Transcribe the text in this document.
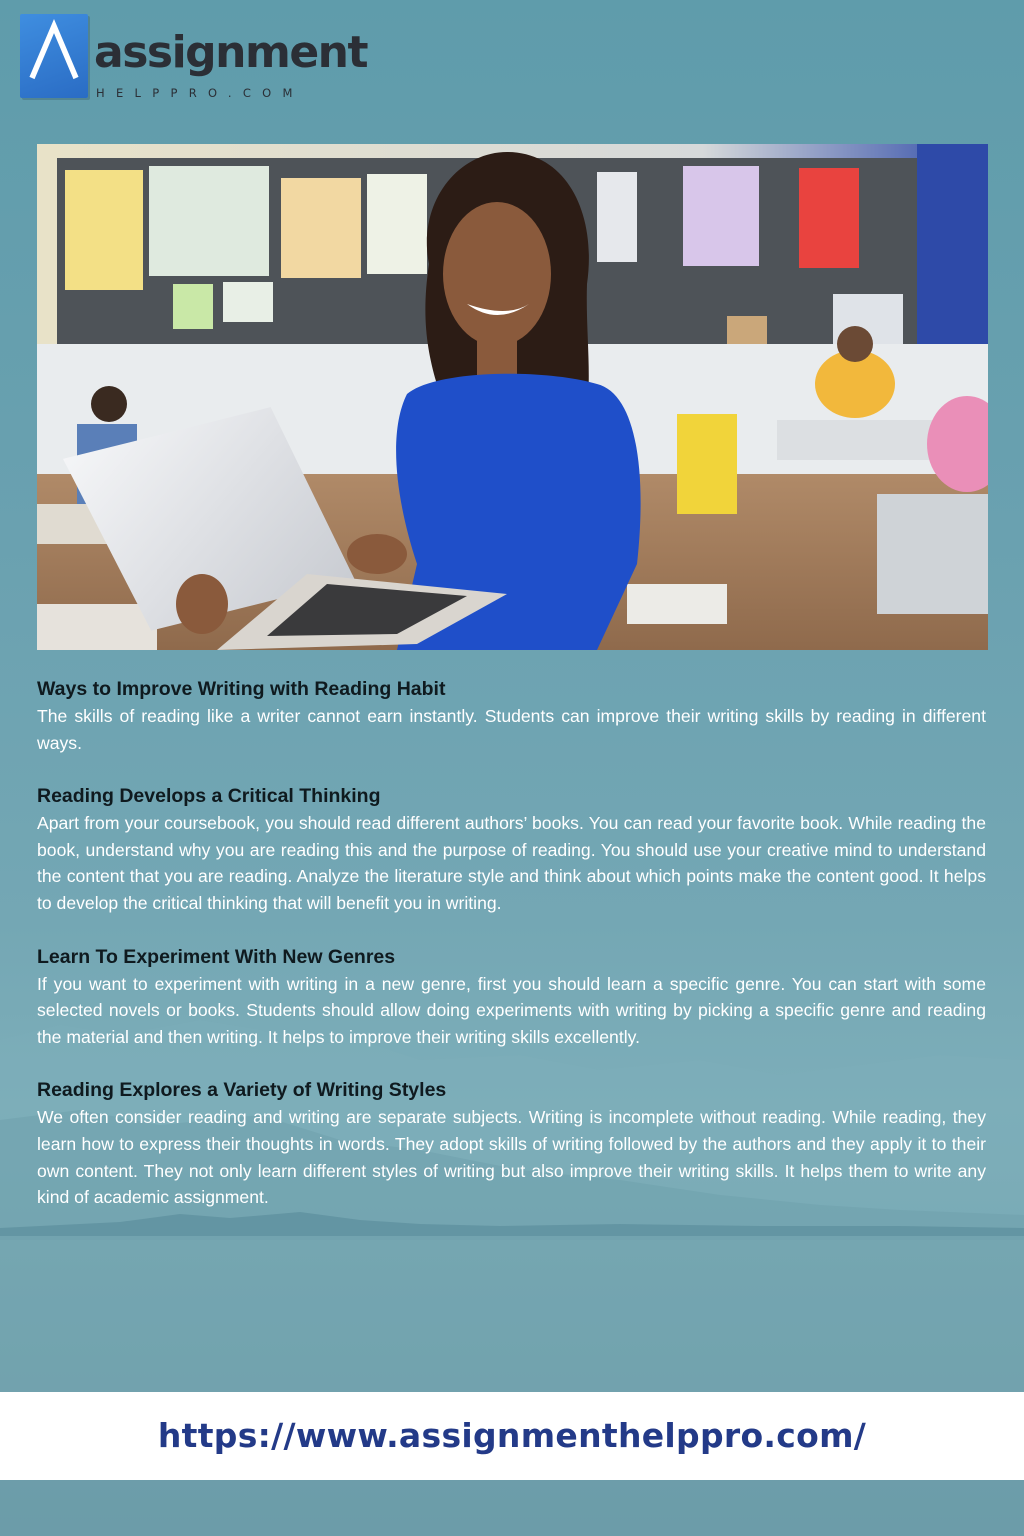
assignment
HELPPRO.COM
Ways to Improve Writing with Reading Habit

The skills of reading like a writer cannot earn instantly. Students can improve their writing skills by reading in different ways.

Reading Develops a Critical Thinking

Apart from your coursebook, you should read different authors’ books. You can read your favorite book. While reading the book, understand why you are reading this and the purpose of reading. You should use your creative mind to understand the content that you are reading. Analyze the literature style and think about which points make the content good. It helps to develop the critical thinking that will benefit you in writing.

Learn To Experiment With New Genres

If you want to experiment with writing in a new genre, first you should learn a specific genre. You can start with some selected novels or books. Students should allow doing experiments with writing by picking a specific genre and reading the material and then writing. It helps to improve their writing skills excellently.

Reading Explores a Variety of Writing Styles

We often consider reading and writing are separate subjects. Writing is incomplete without reading. While reading, they learn how to express their thoughts in words. They adopt skills of writing followed by the authors and they apply it to their own content. They not only learn different styles of writing but also improve their writing skills. It helps them to write any kind of academic assignment.

https://www.assignmenthelppro.com/
